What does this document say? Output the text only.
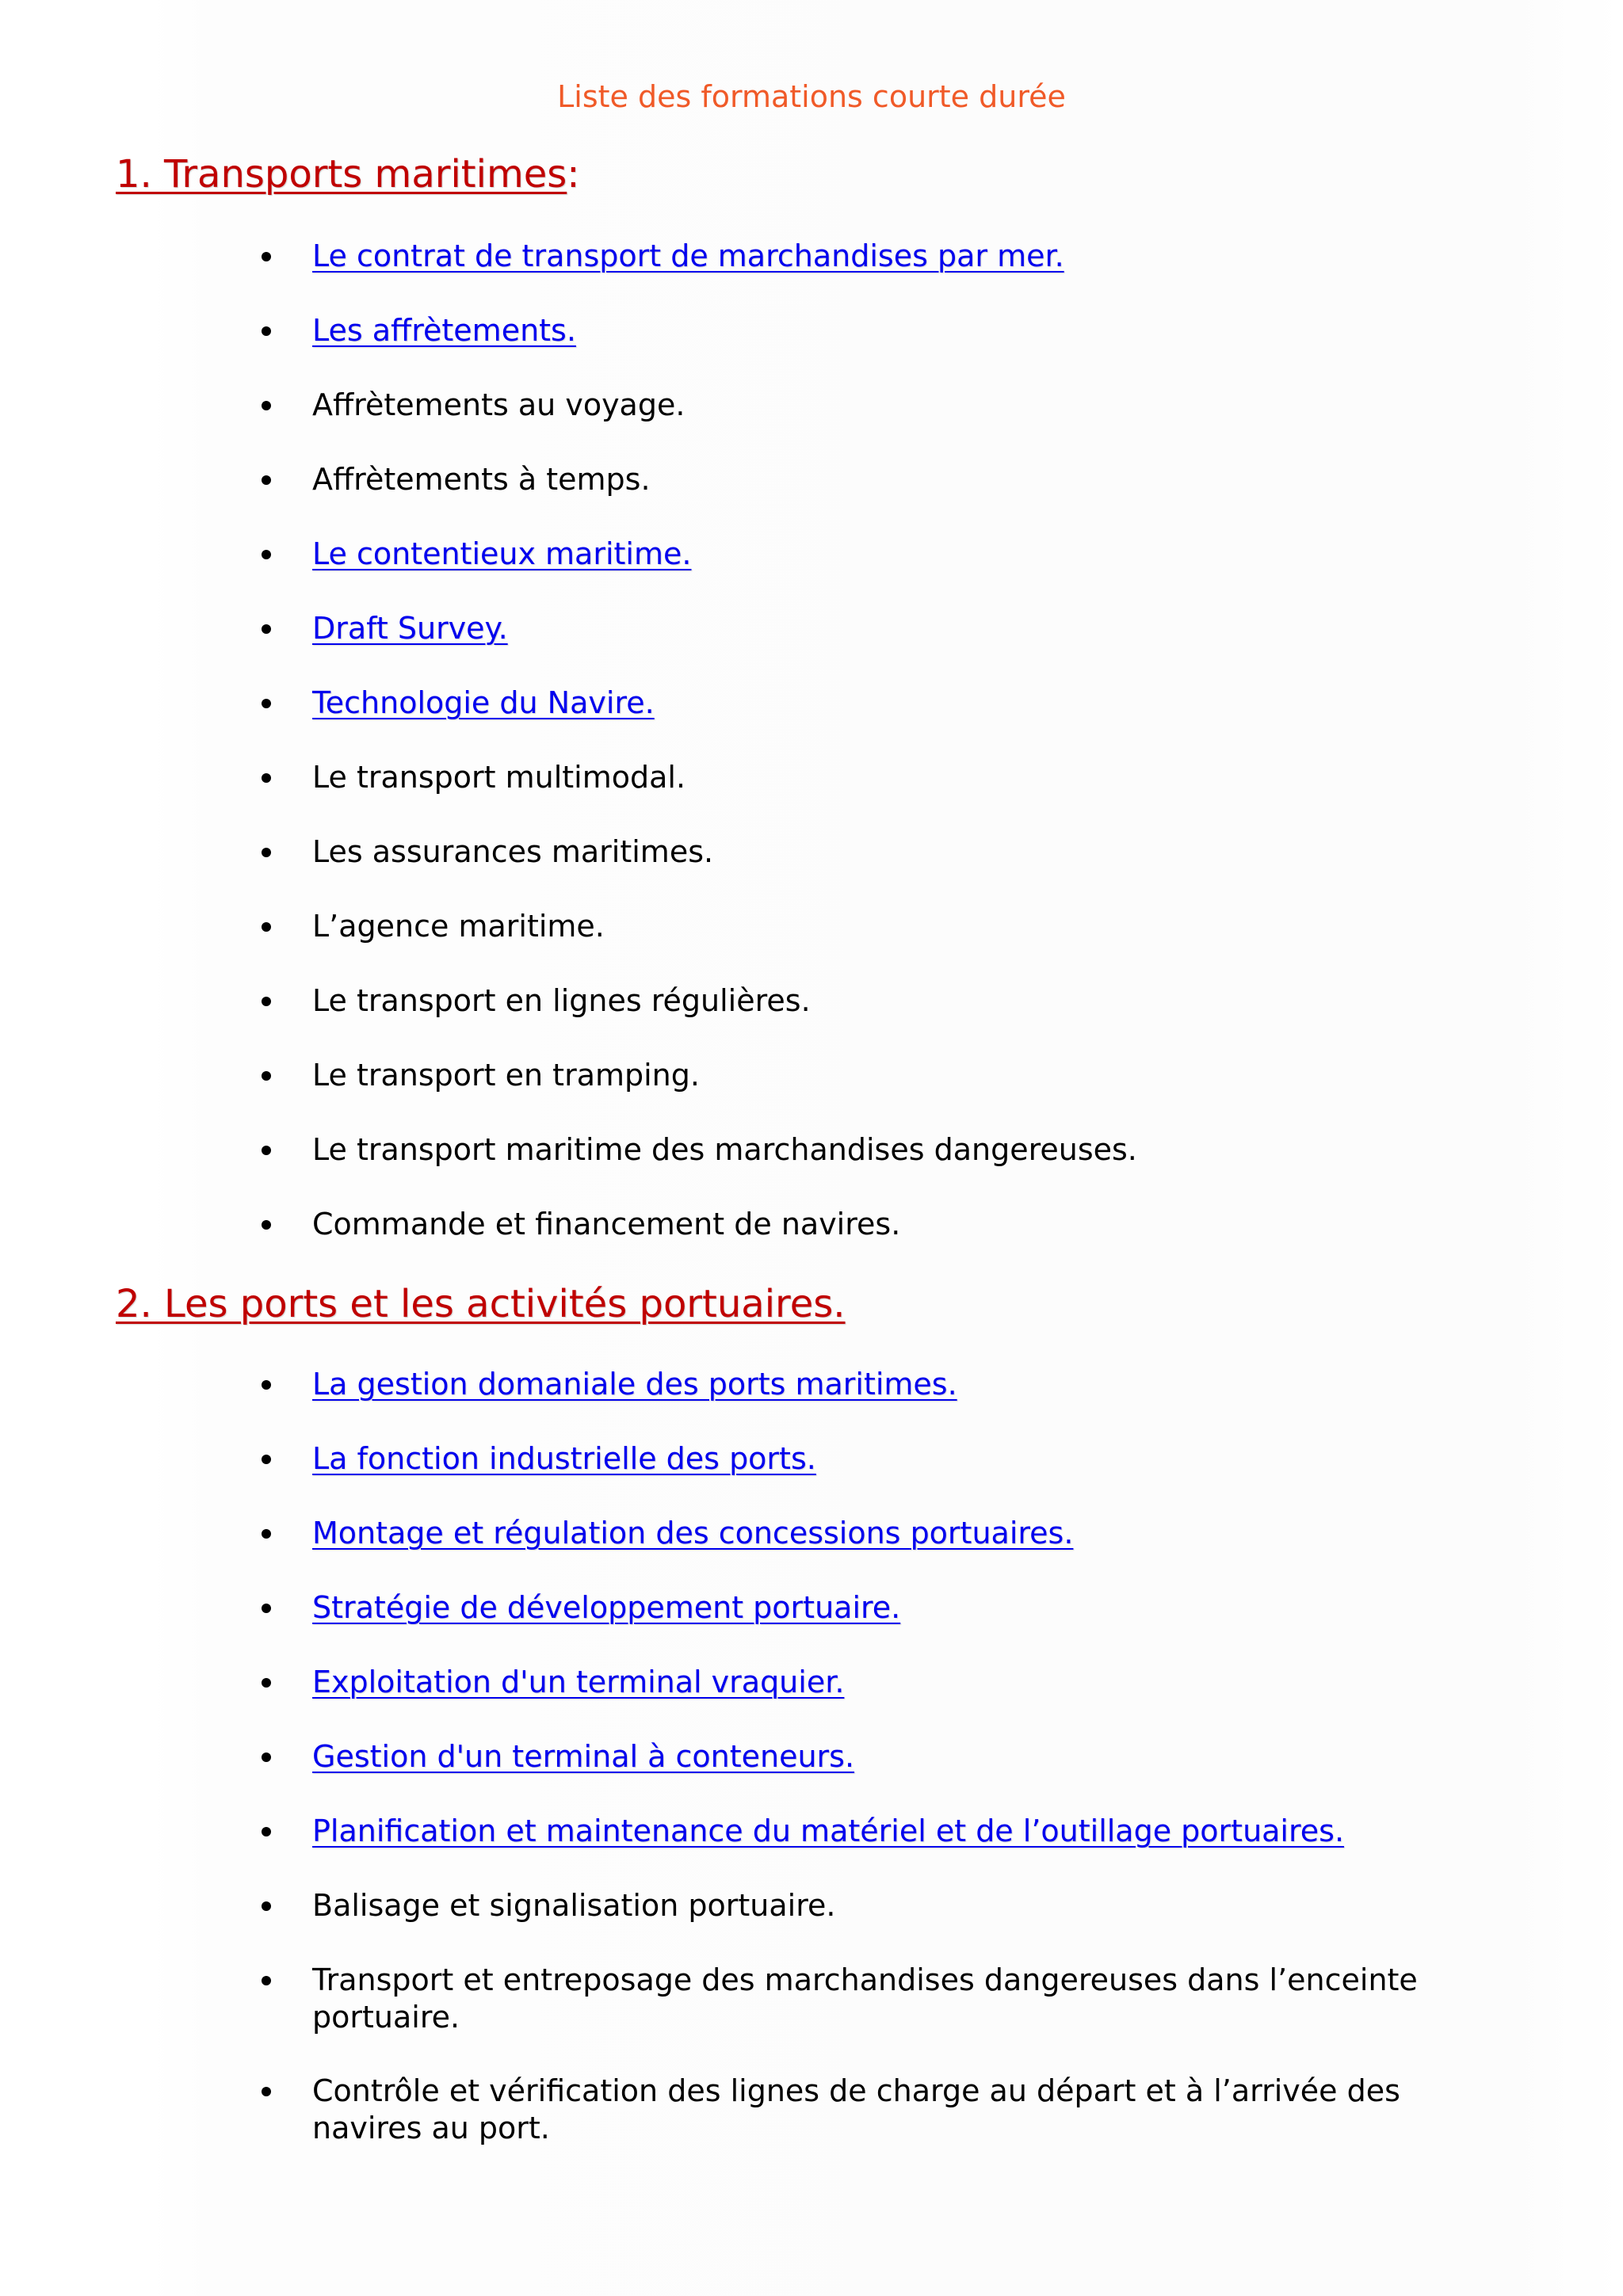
Liste des formations courte durée
1. Transports maritimes:
Le contrat de transport de marchandises par mer.
Les affrètements.
Affrètements au voyage.
Affrètements à temps.
Le contentieux maritime.
Draft Survey.
Technologie du Navire.
Le transport multimodal.
Les assurances maritimes.
L’agence maritime.
Le transport en lignes régulières.
Le transport en tramping.
Le transport maritime des marchandises dangereuses.
Commande et financement de navires.
2. Les ports et les activités portuaires.
La gestion domaniale des ports maritimes.
La fonction industrielle des ports.
Montage et régulation des concessions portuaires.
Stratégie de développement portuaire.
Exploitation d'un terminal vraquier.
Gestion d'un terminal à conteneurs.
Planification et maintenance du matériel et de l’outillage portuaires.
Balisage et signalisation portuaire.
Transport et entreposage des marchandises dangereuses dans l’enceinte portuaire.
Contrôle et vérification des lignes de charge au départ et à l’arrivée des navires au port.
